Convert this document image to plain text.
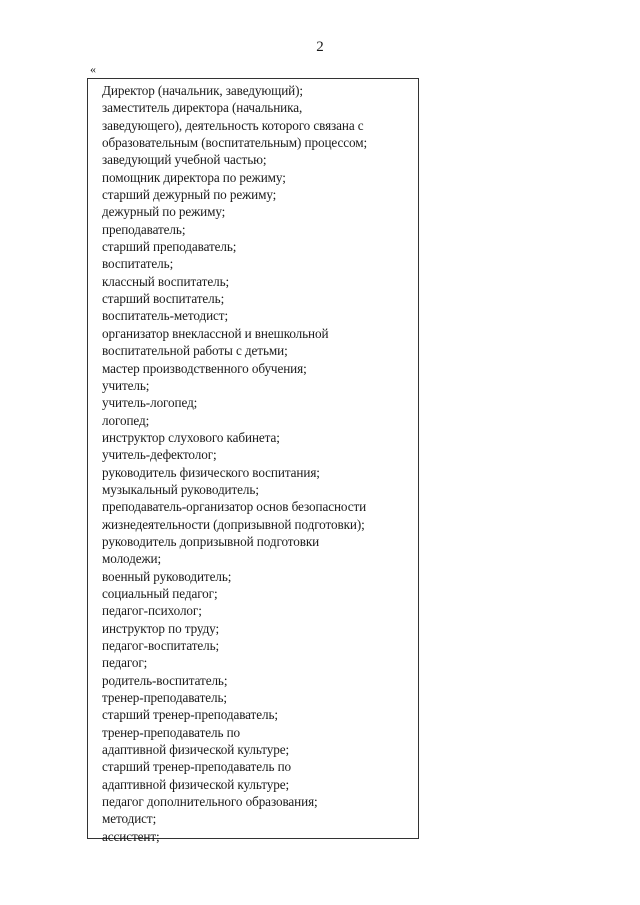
2
«
Директор (начальник, заведующий);
заместитель директора (начальника,
заведующего), деятельность которого связана с
образовательным (воспитательным) процессом;
заведующий учебной частью;
помощник директора по режиму;
старший дежурный по режиму;
дежурный по режиму;
преподаватель;
старший преподаватель;
воспитатель;
классный воспитатель;
старший воспитатель;
воспитатель-методист;
организатор внеклассной и внешкольной
воспитательной работы с детьми;
мастер производственного обучения;
учитель;
учитель-логопед;
логопед;
инструктор слухового кабинета;
учитель-дефектолог;
руководитель физического воспитания;
музыкальный руководитель;
преподаватель-организатор основ безопасности
жизнедеятельности (допризывной подготовки);
руководитель допризывной подготовки
молодежи;
военный руководитель;
социальный педагог;
педагог-психолог;
инструктор по труду;
педагог-воспитатель;
педагог;
родитель-воспитатель;
тренер-преподаватель;
старший тренер-преподаватель;
тренер-преподаватель по
адаптивной физической культуре;
старший тренер-преподаватель по
адаптивной физической культуре;
педагог дополнительного образования;
методист;
ассистент;
